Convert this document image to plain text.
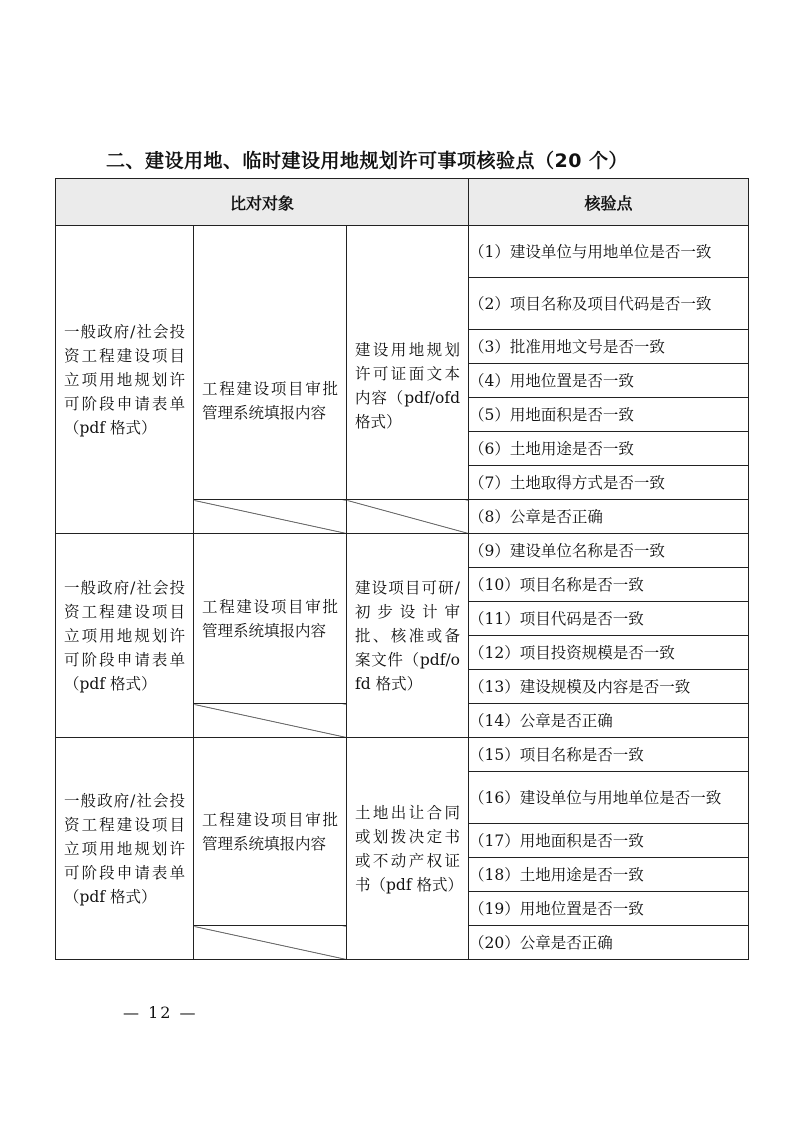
二、建设用地、临时建设用地规划许可事项核验点（20 个）
比对对象			核验点

一般政府/社会投资工程建设项目立项用地规划许可阶段申请表单（pdf 格式）	工程建设项目审批管理系统填报内容	建设用地规划许可证面文本内容（pdf/ofd 格式）	（1）建设单位与用地单位是否一致
			（2）项目名称及项目代码是否一致
			（3）批准用地文号是否一致
			（4）用地位置是否一致
			（5）用地面积是否一致
			（6）土地用途是否一致
			（7）土地取得方式是否一致
			（8）公章是否正确

一般政府/社会投资工程建设项目立项用地规划许可阶段申请表单（pdf 格式）	工程建设项目审批管理系统填报内容	建设项目可研/初步设计审批、核准或备案文件（pdf/ofd 格式）	（9）建设单位名称是否一致
			（10）项目名称是否一致
			（11）项目代码是否一致
			（12）项目投资规模是否一致
			（13）建设规模及内容是否一致
			（14）公章是否正确

一般政府/社会投资工程建设项目立项用地规划许可阶段申请表单（pdf 格式）	工程建设项目审批管理系统填报内容	土地出让合同或划拨决定书或不动产权证书（pdf 格式）	（15）项目名称是否一致
			（16）建设单位与用地单位是否一致
			（17）用地面积是否一致
			（18）土地用途是否一致
			（19）用地位置是否一致
			（20）公章是否正确
— 12 —
